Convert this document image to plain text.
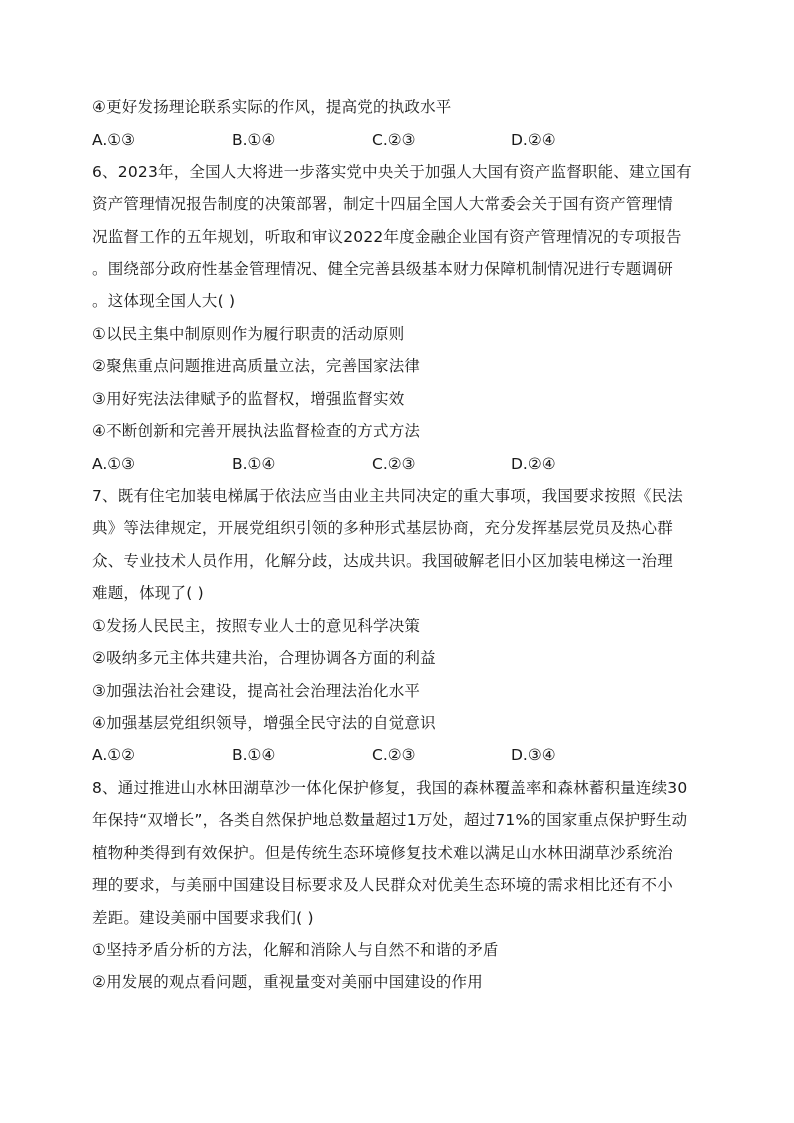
④更好发扬理论联系实际的作风，提高党的执政水平
A.①③	B.①④	C.②③	D.②④
6、2023年，全国人大将进一步落实党中央关于加强人大国有资产监督职能、建立国有
资产管理情况报告制度的决策部署，制定十四届全国人大常委会关于国有资产管理情
况监督工作的五年规划，听取和审议2022年度金融企业国有资产管理情况的专项报告
。围绕部分政府性基金管理情况、健全完善县级基本财力保障机制情况进行专题调研
。这体现全国人大( )
①以民主集中制原则作为履行职责的活动原则
②聚焦重点问题推进高质量立法，完善国家法律
③用好宪法法律赋予的监督权，增强监督实效
④不断创新和完善开展执法监督检查的方式方法
A.①③	B.①④	C.②③	D.②④
7、既有住宅加装电梯属于依法应当由业主共同决定的重大事项，我国要求按照《民法
典》等法律规定，开展党组织引领的多种形式基层协商，充分发挥基层党员及热心群
众、专业技术人员作用，化解分歧，达成共识。我国破解老旧小区加装电梯这一治理
难题，体现了( )
①发扬人民民主，按照专业人士的意见科学决策
②吸纳多元主体共建共治，合理协调各方面的利益
③加强法治社会建设，提高社会治理法治化水平
④加强基层党组织领导，增强全民守法的自觉意识
A.①②	B.①④	C.②③	D.③④
8、通过推进山水林田湖草沙一体化保护修复，我国的森林覆盖率和森林蓄积量连续30
年保持“双增长”，各类自然保护地总数量超过1万处，超过71%的国家重点保护野生动
植物种类得到有效保护。但是传统生态环境修复技术难以满足山水林田湖草沙系统治
理的要求，与美丽中国建设目标要求及人民群众对优美生态环境的需求相比还有不小
差距。建设美丽中国要求我们( )
①坚持矛盾分析的方法，化解和消除人与自然不和谐的矛盾
②用发展的观点看问题，重视量变对美丽中国建设的作用
